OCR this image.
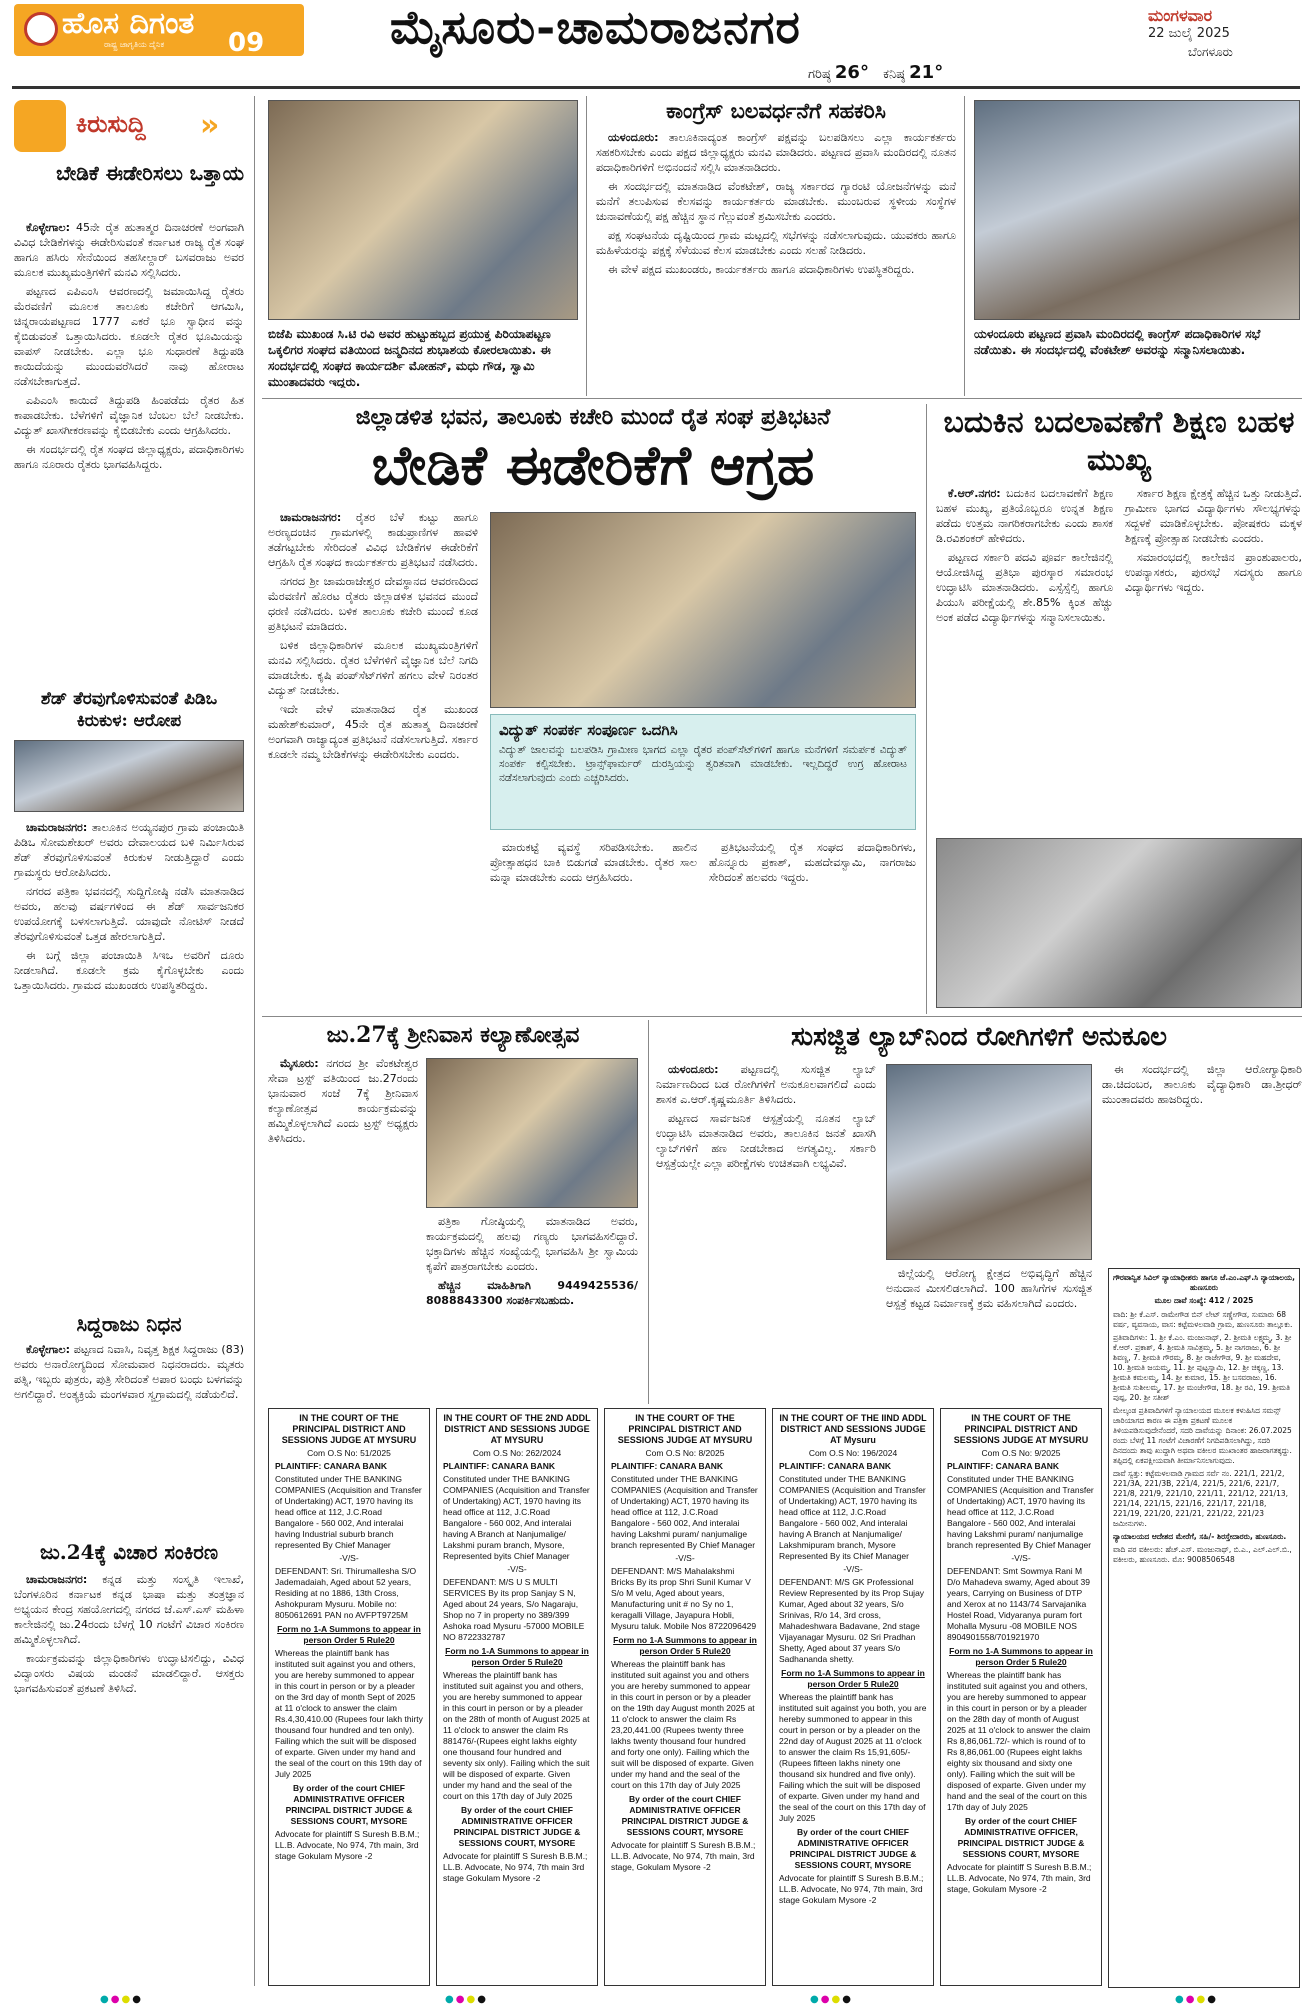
ಹೊಸ ದಿಗಂತ
ರಾಷ್ಟ್ರ ಜಾಗೃತಿಯ ದೈನಿಕ 09	ಮೈಸೂರು-ಚಾಮರಾಜನಗರ	ಮಂಗಳವಾರ
22 ಜುಲೈ 2025
ಬೆಂಗಳೂರು
ಗರಿಷ್ಠ 26° ಕನಿಷ್ಠ 21°
ಕಿರುಸುದ್ದಿ »
ಬೇಡಿಕೆ ಈಡೇರಿಸಲು ಒತ್ತಾಯ

ಕೊಳ್ಳೇಗಾಲ: 45ನೇ ರೈತ ಹುತಾತ್ಮರ ದಿನಾಚರಣೆ ಅಂಗವಾಗಿ ವಿವಿಧ ಬೇಡಿಕೆಗಳನ್ನು ಈಡೇರಿಸುವಂತೆ ಕರ್ನಾಟಕ ರಾಜ್ಯ ರೈತ ಸಂಘ ಹಾಗೂ ಹಸಿರು ಸೇನೆಯಿಂದ ತಹಸೀಲ್ದಾರ್ ಬಸವರಾಜು ಅವರ ಮೂಲಕ ಮುಖ್ಯಮಂತ್ರಿಗಳಿಗೆ ಮನವಿ ಸಲ್ಲಿಸಿದರು.

ಪಟ್ಟಣದ ಎಪಿಎಂಸಿ ಆವರಣದಲ್ಲಿ ಜಮಾಯಿಸಿದ್ದ ರೈತರು ಮೆರವಣಿಗೆ ಮೂಲಕ ತಾಲೂಕು ಕಚೇರಿಗೆ ಆಗಮಿಸಿ, ಚಿನ್ನರಾಯಪಟ್ಟಣದ 1777 ಎಕರೆ ಭೂ ಸ್ವಾಧೀನ ವನ್ನು ಕೈಬಿಡುವಂತೆ ಒತ್ತಾಯಿಸಿದರು. ಕೂಡಲೇ ರೈತರ ಭೂಮಿಯನ್ನು ವಾಪಸ್ ನೀಡಬೇಕು. ಎಲ್ಲಾ ಭೂ ಸುಧಾರಣೆ ತಿದ್ದುಪಡಿ ಕಾಯಿದೆಯನ್ನು ಮುಂದುವರೆಸಿದರೆ ನಾವು ಹೋರಾಟ ನಡೆಸಬೇಕಾಗುತ್ತದೆ.

ಎಪಿಎಂಸಿ ಕಾಯಿದೆ ತಿದ್ದುಪಡಿ ಹಿಂಪಡೆದು ರೈತರ ಹಿತ ಕಾಪಾಡಬೇಕು. ಬೆಳೆಗಳಿಗೆ ವೈಜ್ಞಾನಿಕ ಬೆಂಬಲ ಬೆಲೆ ನೀಡಬೇಕು. ವಿದ್ಯುತ್ ಖಾಸಗೀಕರಣವನ್ನು ಕೈಬಿಡಬೇಕು ಎಂದು ಆಗ್ರಹಿಸಿದರು.

ಈ ಸಂದರ್ಭದಲ್ಲಿ ರೈತ ಸಂಘದ ಜಿಲ್ಲಾಧ್ಯಕ್ಷರು, ಪದಾಧಿಕಾರಿಗಳು ಹಾಗೂ ನೂರಾರು ರೈತರು ಭಾಗವಹಿಸಿದ್ದರು.

ಶೆಡ್ ತೆರವುಗೊಳಿಸುವಂತೆ ಪಿಡಿಒ ಕಿರುಕುಳ: ಆರೋಪ

ಚಾಮರಾಜನಗರ: ತಾಲೂಕಿನ ಅಯ್ಯನಪುರ ಗ್ರಾಮ ಪಂಚಾಯಿತಿ ಪಿಡಿಒ ಸೋಮಶೇಖರ್ ಅವರು ದೇವಾಲಯದ ಬಳಿ ನಿರ್ಮಿಸಿರುವ ಶೆಡ್ ತೆರವುಗೊಳಿಸುವಂತೆ ಕಿರುಕುಳ ನೀಡುತ್ತಿದ್ದಾರೆ ಎಂದು ಗ್ರಾಮಸ್ಥರು ಆರೋಪಿಸಿದರು.

ನಗರದ ಪತ್ರಿಕಾ ಭವನದಲ್ಲಿ ಸುದ್ದಿಗೋಷ್ಠಿ ನಡೆಸಿ ಮಾತನಾಡಿದ ಅವರು, ಹಲವು ವರ್ಷಗಳಿಂದ ಈ ಶೆಡ್ ಸಾರ್ವಜನಿಕರ ಉಪಯೋಗಕ್ಕೆ ಬಳಸಲಾಗುತ್ತಿದೆ. ಯಾವುದೇ ನೋಟಿಸ್ ನೀಡದೆ ತೆರವುಗೊಳಿಸುವಂತೆ ಒತ್ತಡ ಹೇರಲಾಗುತ್ತಿದೆ.

ಈ ಬಗ್ಗೆ ಜಿಲ್ಲಾ ಪಂಚಾಯಿತಿ ಸಿಇಒ ಅವರಿಗೆ ದೂರು ನೀಡಲಾಗಿದೆ. ಕೂಡಲೇ ಕ್ರಮ ಕೈಗೊಳ್ಳಬೇಕು ಎಂದು ಒತ್ತಾಯಿಸಿದರು. ಗ್ರಾಮದ ಮುಖಂಡರು ಉಪಸ್ಥಿತರಿದ್ದರು.

ಸಿದ್ದರಾಜು ನಿಧನ

ಕೊಳ್ಳೇಗಾಲ: ಪಟ್ಟಣದ ನಿವಾಸಿ, ನಿವೃತ್ತ ಶಿಕ್ಷಕ ಸಿದ್ದರಾಜು (83) ಅವರು ಅನಾರೋಗ್ಯದಿಂದ ಸೋಮವಾರ ನಿಧನರಾದರು. ಮೃತರು ಪತ್ನಿ, ಇಬ್ಬರು ಪುತ್ರರು, ಪುತ್ರಿ ಸೇರಿದಂತೆ ಅಪಾರ ಬಂಧು ಬಳಗವನ್ನು ಅಗಲಿದ್ದಾರೆ. ಅಂತ್ಯಕ್ರಿಯೆ ಮಂಗಳವಾರ ಸ್ವಗ್ರಾಮದಲ್ಲಿ ನಡೆಯಲಿದೆ.

ಜು.24ಕ್ಕೆ ವಿಚಾರ ಸಂಕಿರಣ

ಚಾಮರಾಜನಗರ: ಕನ್ನಡ ಮತ್ತು ಸಂಸ್ಕೃತಿ ಇಲಾಖೆ, ಬೆಂಗಳೂರಿನ ಕರ್ನಾಟಕ ಕನ್ನಡ ಭಾಷಾ ಮತ್ತು ತಂತ್ರಜ್ಞಾನ ಅಭ್ಯಯನ ಕೇಂದ್ರ ಸಹಯೋಗದಲ್ಲಿ ನಗರದ ಜೆ.ಎಸ್.ಎಸ್ ಮಹಿಳಾ ಕಾಲೇಜಿನಲ್ಲಿ ಜು.24ರಂದು ಬೆಳಗ್ಗೆ 10 ಗಂಟೆಗೆ ವಿಚಾರ ಸಂಕಿರಣ ಹಮ್ಮಿಕೊಳ್ಳಲಾಗಿದೆ.

ಕಾರ್ಯಕ್ರಮವನ್ನು ಜಿಲ್ಲಾಧಿಕಾರಿಗಳು ಉದ್ಘಾಟಿಸಲಿದ್ದು, ವಿವಿಧ ವಿದ್ವಾಂಸರು ವಿಷಯ ಮಂಡನೆ ಮಾಡಲಿದ್ದಾರೆ. ಆಸಕ್ತರು ಭಾಗವಹಿಸುವಂತೆ ಪ್ರಕಟಣೆ ತಿಳಿಸಿದೆ.

ಬಿಜೆಪಿ ಮುಖಂಡ ಸಿ.ಟಿ ರವಿ ಅವರ ಹುಟ್ಟುಹಬ್ಬದ ಪ್ರಯುಕ್ತ ಪಿರಿಯಾಪಟ್ಟಣ ಒಕ್ಕಲಿಗರ ಸಂಘದ ವತಿಯಿಂದ ಜನ್ಮದಿನದ ಶುಭಾಶಯ ಕೋರಲಾಯಿತು. ಈ ಸಂದರ್ಭದಲ್ಲಿ ಸಂಘದ ಕಾರ್ಯದರ್ಶಿ ಮೋಹನ್, ಮಧು ಗೌಡ, ಸ್ವಾಮಿ ಮುಂತಾದವರು ಇದ್ದರು.
ಕಾಂಗ್ರೆಸ್ ಬಲವರ್ಧನೆಗೆ ಸಹಕರಿಸಿ

ಯಳಂದೂರು: ತಾಲೂಕಿನಾದ್ಯಂತ ಕಾಂಗ್ರೆಸ್ ಪಕ್ಷವನ್ನು ಬಲಪಡಿಸಲು ಎಲ್ಲಾ ಕಾರ್ಯಕರ್ತರು ಸಹಕರಿಸಬೇಕು ಎಂದು ಪಕ್ಷದ ಜಿಲ್ಲಾಧ್ಯಕ್ಷರು ಮನವಿ ಮಾಡಿದರು. ಪಟ್ಟಣದ ಪ್ರವಾಸಿ ಮಂದಿರದಲ್ಲಿ ನೂತನ ಪದಾಧಿಕಾರಿಗಳಿಗೆ ಅಭಿನಂದನೆ ಸಲ್ಲಿಸಿ ಮಾತನಾಡಿದರು.

ಈ ಸಂದರ್ಭದಲ್ಲಿ ಮಾತನಾಡಿದ ವೆಂಕಟೇಶ್, ರಾಜ್ಯ ಸರ್ಕಾರದ ಗ್ಯಾರಂಟಿ ಯೋಜನೆಗಳನ್ನು ಮನೆ ಮನೆಗೆ ತಲುಪಿಸುವ ಕೆಲಸವನ್ನು ಕಾರ್ಯಕರ್ತರು ಮಾಡಬೇಕು. ಮುಂಬರುವ ಸ್ಥಳೀಯ ಸಂಸ್ಥೆಗಳ ಚುನಾವಣೆಯಲ್ಲಿ ಪಕ್ಷ ಹೆಚ್ಚಿನ ಸ್ಥಾನ ಗೆಲ್ಲುವಂತೆ ಶ್ರಮಿಸಬೇಕು ಎಂದರು.

ಪಕ್ಷ ಸಂಘಟನೆಯ ದೃಷ್ಟಿಯಿಂದ ಗ್ರಾಮ ಮಟ್ಟದಲ್ಲಿ ಸಭೆಗಳನ್ನು ನಡೆಸಲಾಗುವುದು. ಯುವಕರು ಹಾಗೂ ಮಹಿಳೆಯರನ್ನು ಪಕ್ಷಕ್ಕೆ ಸೆಳೆಯುವ ಕೆಲಸ ಮಾಡಬೇಕು ಎಂದು ಸಲಹೆ ನೀಡಿದರು.

ಈ ವೇಳೆ ಪಕ್ಷದ ಮುಖಂಡರು, ಕಾರ್ಯಕರ್ತರು ಹಾಗೂ ಪದಾಧಿಕಾರಿಗಳು ಉಪಸ್ಥಿತರಿದ್ದರು.

ಯಳಂದೂರು ಪಟ್ಟಣದ ಪ್ರವಾಸಿ ಮಂದಿರದಲ್ಲಿ ಕಾಂಗ್ರೆಸ್ ಪದಾಧಿಕಾರಿಗಳ ಸಭೆ ನಡೆಯಿತು. ಈ ಸಂದರ್ಭದಲ್ಲಿ ವೆಂಕಟೇಶ್ ಅವರನ್ನು ಸನ್ಮಾನಿಸಲಾಯಿತು.
ಜಿಲ್ಲಾಡಳಿತ ಭವನ, ತಾಲೂಕು ಕಚೇರಿ ಮುಂದೆ ರೈತ ಸಂಘ ಪ್ರತಿಭಟನೆ
ಬೇಡಿಕೆ ಈಡೇರಿಕೆಗೆ ಆಗ್ರಹ

ಚಾಮರಾಜನಗರ: ರೈತರ ಬೆಳೆ ಕುಟ್ಟು ಹಾಗೂ ಅರಣ್ಯದಂಚಿನ ಗ್ರಾಮಗಳಲ್ಲಿ ಕಾಡುಪ್ರಾಣಿಗಳ ಹಾವಳಿ ತಡೆಗಟ್ಟಬೇಕು ಸೇರಿದಂತೆ ವಿವಿಧ ಬೇಡಿಕೆಗಳ ಈಡೇರಿಕೆಗೆ ಆಗ್ರಹಿಸಿ ರೈತ ಸಂಘದ ಕಾರ್ಯಕರ್ತರು ಪ್ರತಿಭಟನೆ ನಡೆಸಿದರು.

ನಗರದ ಶ್ರೀ ಚಾಮರಾಜೇಶ್ವರ ದೇವಸ್ಥಾನದ ಆವರಣದಿಂದ ಮೆರವಣಿಗೆ ಹೊರಟ ರೈತರು ಜಿಲ್ಲಾಡಳಿತ ಭವನದ ಮುಂದೆ ಧರಣಿ ನಡೆಸಿದರು. ಬಳಿಕ ತಾಲೂಕು ಕಚೇರಿ ಮುಂದೆ ಕೂಡ ಪ್ರತಿಭಟನೆ ಮಾಡಿದರು.

ಬಳಿಕ ಜಿಲ್ಲಾಧಿಕಾರಿಗಳ ಮೂಲಕ ಮುಖ್ಯಮಂತ್ರಿಗಳಿಗೆ ಮನವಿ ಸಲ್ಲಿಸಿದರು. ರೈತರ ಬೆಳೆಗಳಿಗೆ ವೈಜ್ಞಾನಿಕ ಬೆಲೆ ನಿಗದಿ ಮಾಡಬೇಕು. ಕೃಷಿ ಪಂಪ್‌ಸೆಟ್‌ಗಳಿಗೆ ಹಗಲು ವೇಳೆ ನಿರಂತರ ವಿದ್ಯುತ್ ನೀಡಬೇಕು.

ಇದೇ ವೇಳೆ ಮಾತನಾಡಿದ ರೈತ ಮುಖಂಡ ಮಹೇಶ್‌ಕುಮಾರ್, 45ನೇ ರೈತ ಹುತಾತ್ಮ ದಿನಾಚರಣೆ ಅಂಗವಾಗಿ ರಾಜ್ಯಾದ್ಯಂತ ಪ್ರತಿಭಟನೆ ನಡೆಸಲಾಗುತ್ತಿದೆ. ಸರ್ಕಾರ ಕೂಡಲೇ ನಮ್ಮ ಬೇಡಿಕೆಗಳನ್ನು ಈಡೇರಿಸಬೇಕು ಎಂದರು.

ವಿದ್ಯುತ್ ಸಂಪರ್ಕ ಸಂಪೂರ್ಣ ಒದಗಿಸಿ
ವಿದ್ಯುತ್ ಜಾಲವನ್ನು ಬಲಪಡಿಸಿ ಗ್ರಾಮೀಣ ಭಾಗದ ಎಲ್ಲಾ ರೈತರ ಪಂಪ್‌ಸೆಟ್‌ಗಳಿಗೆ ಹಾಗೂ ಮನೆಗಳಿಗೆ ಸಮರ್ಪಕ ವಿದ್ಯುತ್ ಸಂಪರ್ಕ ಕಲ್ಪಿಸಬೇಕು. ಟ್ರಾನ್ಸ್‌ಫಾರ್ಮರ್ ದುರಸ್ತಿಯನ್ನು ತ್ವರಿತವಾಗಿ ಮಾಡಬೇಕು. ಇಲ್ಲದಿದ್ದರೆ ಉಗ್ರ ಹೋರಾಟ ನಡೆಸಲಾಗುವುದು ಎಂದು ಎಚ್ಚರಿಸಿದರು.

ಮಾರುಕಟ್ಟೆ ವ್ಯವಸ್ಥೆ ಸರಿಪಡಿಸಬೇಕು. ಹಾಲಿನ ಪ್ರೋತ್ಸಾಹಧನ ಬಾಕಿ ಬಿಡುಗಡೆ ಮಾಡಬೇಕು. ರೈತರ ಸಾಲ ಮನ್ನಾ ಮಾಡಬೇಕು ಎಂದು ಆಗ್ರಹಿಸಿದರು.

ಪ್ರತಿಭಟನೆಯಲ್ಲಿ ರೈತ ಸಂಘದ ಪದಾಧಿಕಾರಿಗಳು, ಹೊನ್ನೂರು ಪ್ರಕಾಶ್, ಮಹದೇವಸ್ವಾಮಿ, ನಾಗರಾಜು ಸೇರಿದಂತೆ ಹಲವರು ಇದ್ದರು.

ಬದುಕಿನ ಬದಲಾವಣೆಗೆ ಶಿಕ್ಷಣ ಬಹಳ ಮುಖ್ಯ

ಕೆ.ಆರ್.ನಗರ: ಬದುಕಿನ ಬದಲಾವಣೆಗೆ ಶಿಕ್ಷಣ ಬಹಳ ಮುಖ್ಯ, ಪ್ರತಿಯೊಬ್ಬರೂ ಉನ್ನತ ಶಿಕ್ಷಣ ಪಡೆದು ಉತ್ತಮ ನಾಗರಿಕರಾಗಬೇಕು ಎಂದು ಶಾಸಕ ಡಿ.ರವಿಶಂಕರ್ ಹೇಳಿದರು.

ಪಟ್ಟಣದ ಸರ್ಕಾರಿ ಪದವಿ ಪೂರ್ವ ಕಾಲೇಜಿನಲ್ಲಿ ಆಯೋಜಿಸಿದ್ದ ಪ್ರತಿಭಾ ಪುರಸ್ಕಾರ ಸಮಾರಂಭ ಉದ್ಘಾಟಿಸಿ ಮಾತನಾಡಿದರು. ಎಸ್ಸೆಸ್ಸೆಲ್ಸಿ ಹಾಗೂ ಪಿಯುಸಿ ಪರೀಕ್ಷೆಯಲ್ಲಿ ಶೇ.85% ಕ್ಕಿಂತ ಹೆಚ್ಚು ಅಂಕ ಪಡೆದ ವಿದ್ಯಾರ್ಥಿಗಳನ್ನು ಸನ್ಮಾನಿಸಲಾಯಿತು.

ಸರ್ಕಾರ ಶಿಕ್ಷಣ ಕ್ಷೇತ್ರಕ್ಕೆ ಹೆಚ್ಚಿನ ಒತ್ತು ನೀಡುತ್ತಿದೆ. ಗ್ರಾಮೀಣ ಭಾಗದ ವಿದ್ಯಾರ್ಥಿಗಳು ಸೌಲಭ್ಯಗಳನ್ನು ಸದ್ಬಳಕೆ ಮಾಡಿಕೊಳ್ಳಬೇಕು. ಪೋಷಕರು ಮಕ್ಕಳ ಶಿಕ್ಷಣಕ್ಕೆ ಪ್ರೋತ್ಸಾಹ ನೀಡಬೇಕು ಎಂದರು.

ಸಮಾರಂಭದಲ್ಲಿ ಕಾಲೇಜಿನ ಪ್ರಾಂಶುಪಾಲರು, ಉಪನ್ಯಾಸಕರು, ಪುರಸಭೆ ಸದಸ್ಯರು ಹಾಗೂ ವಿದ್ಯಾರ್ಥಿಗಳು ಇದ್ದರು.

ಜು.27ಕ್ಕೆ ಶ್ರೀನಿವಾಸ ಕಲ್ಯಾಣೋತ್ಸವ

ಮೈಸೂರು: ನಗರದ ಶ್ರೀ ವೆಂಕಟೇಶ್ವರ ಸೇವಾ ಟ್ರಸ್ಟ್ ವತಿಯಿಂದ ಜು.27ರಂದು ಭಾನುವಾರ ಸಂಜೆ 7ಕ್ಕೆ ಶ್ರೀನಿವಾಸ ಕಲ್ಯಾಣೋತ್ಸವ ಕಾರ್ಯಕ್ರಮವನ್ನು ಹಮ್ಮಿಕೊಳ್ಳಲಾಗಿದೆ ಎಂದು ಟ್ರಸ್ಟ್ ಅಧ್ಯಕ್ಷರು ತಿಳಿಸಿದರು.

ಪತ್ರಿಕಾ ಗೋಷ್ಠಿಯಲ್ಲಿ ಮಾತನಾಡಿದ ಅವರು, ಕಾರ್ಯಕ್ರಮದಲ್ಲಿ ಹಲವು ಗಣ್ಯರು ಭಾಗವಹಿಸಲಿದ್ದಾರೆ. ಭಕ್ತಾದಿಗಳು ಹೆಚ್ಚಿನ ಸಂಖ್ಯೆಯಲ್ಲಿ ಭಾಗವಹಿಸಿ ಶ್ರೀ ಸ್ವಾಮಿಯ ಕೃಪೆಗೆ ಪಾತ್ರರಾಗಬೇಕು ಎಂದರು.

ಹೆಚ್ಚಿನ ಮಾಹಿತಿಗಾಗಿ 9449425536/ 8088843300 ಸಂಪರ್ಕಿಸಬಹುದು.

ಸುಸಜ್ಜಿತ ಲ್ಯಾಬ್‌ನಿಂದ ರೋಗಿಗಳಿಗೆ ಅನುಕೂಲ

ಯಳಂದೂರು: ಪಟ್ಟಣದಲ್ಲಿ ಸುಸಜ್ಜಿತ ಲ್ಯಾಬ್ ನಿರ್ಮಾಣದಿಂದ ಬಡ ರೋಗಿಗಳಿಗೆ ಅನುಕೂಲವಾಗಲಿದೆ ಎಂದು ಶಾಸಕ ಎ.ಆರ್.ಕೃಷ್ಣಮೂರ್ತಿ ತಿಳಿಸಿದರು.

ಪಟ್ಟಣದ ಸಾರ್ವಜನಿಕ ಆಸ್ಪತ್ರೆಯಲ್ಲಿ ನೂತನ ಲ್ಯಾಬ್ ಉದ್ಘಾಟಿಸಿ ಮಾತನಾಡಿದ ಅವರು, ತಾಲೂಕಿನ ಜನತೆ ಖಾಸಗಿ ಲ್ಯಾಬ್‌ಗಳಿಗೆ ಹಣ ನೀಡಬೇಕಾದ ಅಗತ್ಯವಿಲ್ಲ. ಸರ್ಕಾರಿ ಆಸ್ಪತ್ರೆಯಲ್ಲೇ ಎಲ್ಲಾ ಪರೀಕ್ಷೆಗಳು ಉಚಿತವಾಗಿ ಲಭ್ಯವಿವೆ.

ಜಿಲ್ಲೆಯಲ್ಲಿ ಆರೋಗ್ಯ ಕ್ಷೇತ್ರದ ಅಭಿವೃದ್ಧಿಗೆ ಹೆಚ್ಚಿನ ಅನುದಾನ ಮೀಸಲಿಡಲಾಗಿದೆ. 100 ಹಾಸಿಗೆಗಳ ಸುಸಜ್ಜಿತ ಆಸ್ಪತ್ರೆ ಕಟ್ಟಡ ನಿರ್ಮಾಣಕ್ಕೆ ಕ್ರಮ ವಹಿಸಲಾಗಿದೆ ಎಂದರು.

ಈ ಸಂದರ್ಭದಲ್ಲಿ ಜಿಲ್ಲಾ ಆರೋಗ್ಯಾಧಿಕಾರಿ ಡಾ.ಚಿದಂಬರ, ತಾಲೂಕು ವೈದ್ಯಾಧಿಕಾರಿ ಡಾ.ಶ್ರೀಧರ್ ಮುಂತಾದವರು ಹಾಜರಿದ್ದರು.

IN THE COURT OF THE PRINCIPAL DISTRICT AND SESSIONS JUDGE AT MYSURU
Com O.S No: 51/2025
PLAINTIFF: CANARA BANK
Constituted under THE BANKING COMPANIES (Acquisition and Transfer of Undertaking) ACT, 1970 having its head office at 112, J.C.Road Bangalore - 560 002, And interalai having Industrial suburb branch represented By Chief Manager
-V/S-
DEFENDANT: Sri. Thirumallesha S/O Jademadaiah, Aged about 52 years, Residing at no 1886, 13th Cross, Ashokpuram Mysuru. Mobile no: 8050612691 PAN no AVFPT9725M
Form no 1-A Summons to appear in person Order 5 Rule20
Whereas the plaintiff bank has instituted suit against you and others, you are hereby summoned to appear in this court in person or by a pleader on the 3rd day of month Sept of 2025 at 11 o'clock to answer the claim Rs.4,30,410.00 (Rupees four lakh thirty thousand four hundred and ten only). Failing which the suit will be disposed of exparte. Given under my hand and the seal of the court on this 19th day of July 2025
By order of the court CHIEF ADMINISTRATIVE OFFICER PRINCIPAL DISTRICT JUDGE & SESSIONS COURT, MYSORE
Advocate for plaintiff S Suresh B.B.M.; LL.B. Advocate, No 974, 7th main, 3rd stage Gokulam Mysore -2
IN THE COURT OF THE 2ND ADDL DISTRICT AND SESSIONS JUDGE AT MYSURU
Com O.S No: 262/2024
PLAINTIFF: CANARA BANK
Constituted under THE BANKING COMPANIES (Acquisition and Transfer of Undertaking) ACT, 1970 having its head office at 112, J.C.Road Bangalore - 560 002, And interalai having A Branch at Nanjumalige/ Lakshmi puram branch, Mysore, Represented byits Chief Manager
-V/S-
DEFENDANT: M/S U S MULTI SERVICES By its prop Sanjay S N, Aged about 24 years, S/o Nagaraju, Shop no 7 in property no 389/399 Ashoka road Mysuru -57000 MOBILE NO 8722332787
Form no 1-A Summons to appear in person Order 5 Rule20
Whereas the plaintiff bank has instituted suit against you and others, you are hereby summoned to appear in this court in person or by a pleader on the 28th of month of August 2025 at 11 o'clock to answer the claim Rs 881476/-(Rupees eight lakhs eighty one thousand four hundred and seventy six only). Failing which the suit will be disposed of exparte. Given under my hand and the seal of the court on this 17th day of July 2025
By order of the court CHIEF ADMINISTRATIVE OFFICER PRINCIPAL DISTRICT JUDGE & SESSIONS COURT, MYSORE
Advocate for plaintiff S Suresh B.B.M.; LL.B. Advocate, No 974, 7th main 3rd stage Gokulam Mysore -2
IN THE COURT OF THE PRINCIPAL DISTRICT AND SESSIONS JUDGE AT MYSURU
Com O.S No: 8/2025
PLAINTIFF: CANARA BANK
Constituted under THE BANKING COMPANIES (Acquisition and Transfer of Undertaking) ACT, 1970 having its head office at 112, J.C.Road Bangalore - 560 002, And interalai having Lakshmi puram/ nanjumalige branch represented By Chief Manager
-V/S-
DEFENDANT: M/S Mahalakshmi Bricks By its prop Shri Sunil Kumar V S/o M velu, Aged about years, Manufacturing unit # no Sy no 1, keragalli Village, Jayapura Hobli, Mysuru taluk. Mobile Nos 8722096429
Form no 1-A Summons to appear in person Order 5 Rule20
Whereas the plaintiff bank has instituted suit against you and others you are hereby summoned to appear in this court in person or by a pleader on the 19th day August month 2025 at 11 o'clock to answer the claim Rs 23,20,441.00 (Rupees twenty three lakhs twenty thousand four hundred and forty one only). Failing which the suit will be disposed of exparte. Given under my hand and the seal of the court on this 17th day of July 2025
By order of the court CHIEF ADMINISTRATIVE OFFICER PRINCIPAL DISTRICT JUDGE & SESSIONS COURT, MYSORE
Advocate for plaintiff S Suresh B.B.M.; LL.B. Advocate, No 974, 7th main, 3rd stage, Gokulam Mysore -2
IN THE COURT OF THE IIND ADDL DISTRICT AND SESSIONS JUDGE AT Mysuru
Com O.S No: 196/2024
PLAINTIFF: CANARA BANK
Constituted under THE BANKING COMPANIES (Acquisition and Transfer of Undertaking) ACT, 1970 having its head office at 112, J.C.Road Bangalore - 560 002, And interalai having A Branch at Nanjumalige/ Lakshmipuram branch, Mysore Represented By its Chief Manager
-V/S-
DEFENDANT: M/S GK Professional Review Represented by its Prop Sujay Kumar, Aged about 32 years, S/o Srinivas, R/o 14, 3rd cross, Mahadeshwara Badavane, 2nd stage Vijayanagar Mysuru. 02 Sri Pradhan Shetty, Aged about 37 years S/o Sadhananda shetty.
Form no 1-A Summons to appear in person Order 5 Rule20
Whereas the plaintiff bank has instituted suit against you both, you are hereby summoned to appear in this court in person or by a pleader on the 22nd day of August 2025 at 11 o'clock to answer the claim Rs 15,91,605/- (Rupees fifteen lakhs ninety one thousand six hundred and five only). Failing which the suit will be disposed of exparte. Given under my hand and the seal of the court on this 17th day of July 2025
By order of the court CHIEF ADMINISTRATIVE OFFICER PRINCIPAL DISTRICT JUDGE & SESSIONS COURT, MYSORE
Advocate for plaintiff S Suresh B.B.M.; LL.B. Advocate, No 974, 7th main, 3rd stage Gokulam Mysore -2
IN THE COURT OF THE PRINCIPAL DISTRICT AND SESSIONS JUDGE AT MYSURU
Com O.S No: 9/2025
PLAINTIFF: CANARA BANK
Constituted under THE BANKING COMPANIES (Acquisition and Transfer of Undertaking) ACT, 1970 having its head office at 112, J.C.Road Bangalore - 560 002, And interalai having Lakshmi puram/ nanjumalige branch represented By Chief Manager
-V/S-
DEFENDANT: Smt Sowmya Rani M D/o Mahadeva swamy, Aged about 39 years, Carrying on Business of DTP and Xerox at no 1143/74 Sarvajanika Hostel Road, Vidyaranya puram fort Mohalla Mysuru -08 MOBILE NOS 8904901558/701921970
Form no 1-A Summons to appear in person Order 5 Rule20
Whereas the plaintiff bank has instituted suit against you and others, you are hereby summoned to appear in this court in person or by a pleader on the 28th day of month of August 2025 at 11 o'clock to answer the claim Rs 8,86,061.72/- which is round of to Rs 8,86,061.00 (Rupees eight lakhs eighty six thousand and sixty one only). Failing which the suit will be disposed of exparte. Given under my hand and the seal of the court on this 17th day of July 2025
By order of the court CHIEF ADMINISTRATIVE OFFICER, PRINCIPAL DISTRICT JUDGE & SESSIONS COURT, MYSORE
Advocate for plaintiff S Suresh B.B.M.; LL.B. Advocate, No 974, 7th main, 3rd stage, Gokulam Mysore -2
ಗೌರವಾನ್ವಿತ ಸಿವಿಲ್ ನ್ಯಾಯಾಧೀಶರು ಹಾಗೂ ಜೆ.ಎಂ.ಎಫ್.ಸಿ ನ್ಯಾಯಾಲಯ, ಹುಣಸೂರು
ಮೂಲ ದಾವೆ ಸಂಖ್ಯೆ: 412 / 2025

ವಾದಿ: ಶ್ರೀ ಕೆ.ಎಸ್. ರಾಮೇಗೌಡ ಬಿನ್ ಲೇಟ್ ಸಣ್ಣೇಗೌಡ, ಸುಮಾರು 68 ವರ್ಷ, ವ್ಯವಸಾಯ, ವಾಸ: ಕಟ್ಟೆಮಳಲವಾಡಿ ಗ್ರಾಮ, ಹುಣಸೂರು ತಾಲ್ಲೂಕು.

ಪ್ರತಿವಾದಿಗಳು: 1. ಶ್ರೀ ಕೆ.ಎಂ. ಮಂಜುನಾಥ್, 2. ಶ್ರೀಮತಿ ಲಕ್ಷ್ಮಮ್ಮ, 3. ಶ್ರೀ ಕೆ.ಆರ್. ಪ್ರಕಾಶ್, 4. ಶ್ರೀಮತಿ ಸಾವಿತ್ರಮ್ಮ, 5. ಶ್ರೀ ನಾಗರಾಜು, 6. ಶ್ರೀ ಶಿವಣ್ಣ, 7. ಶ್ರೀಮತಿ ಗೌರಮ್ಮ, 8. ಶ್ರೀ ರಾಜೇಗೌಡ, 9. ಶ್ರೀ ಮಹದೇವ, 10. ಶ್ರೀಮತಿ ಜಯಮ್ಮ, 11. ಶ್ರೀ ಪುಟ್ಟಸ್ವಾಮಿ, 12. ಶ್ರೀ ಚಿಕ್ಕಣ್ಣ, 13. ಶ್ರೀಮತಿ ಕಮಲಮ್ಮ, 14. ಶ್ರೀ ಕುಮಾರ, 15. ಶ್ರೀ ಬಸವರಾಜು, 16. ಶ್ರೀಮತಿ ಸುಶೀಲಮ್ಮ, 17. ಶ್ರೀ ಮಂಜೇಗೌಡ, 18. ಶ್ರೀ ರವಿ, 19. ಶ್ರೀಮತಿ ಪುಷ್ಪ, 20. ಶ್ರೀ ಸತೀಶ್

ಮೇಲ್ಕಂಡ ಪ್ರತಿವಾದಿಗಳಿಗೆ ನ್ಯಾಯಾಲಯದ ಮೂಲಕ ಕಳುಹಿಸಿದ ಸಮನ್ಸ್ ಜಾರಿಯಾಗದ ಕಾರಣ ಈ ಪತ್ರಿಕಾ ಪ್ರಕಟಣೆ ಮೂಲಕ ತಿಳಿಯಪಡಿಸುವುದೇನೆಂದರೆ, ಸದರಿ ದಾವೆಯನ್ನು ದಿನಾಂಕ: 26.07.2025 ರಂದು ಬೆಳಗ್ಗೆ 11 ಗಂಟೆಗೆ ವಿಚಾರಣೆಗೆ ನಿಗದಿಪಡಿಸಲಾಗಿದ್ದು, ಸದರಿ ದಿನದಂದು ತಾವು ಖುದ್ದಾಗಿ ಅಥವಾ ವಕೀಲರ ಮುಖಾಂತರ ಹಾಜರಾಗತಕ್ಕದ್ದು. ತಪ್ಪಿದಲ್ಲಿ ಏಕಪಕ್ಷೀಯವಾಗಿ ತೀರ್ಮಾನಿಸಲಾಗುವುದು.

ದಾವೆ ಸ್ವತ್ತು: ಕಟ್ಟೆಮಳಲವಾಡಿ ಗ್ರಾಮದ ಸರ್ವೆ ನಂ. 221/1, 221/2, 221/3A, 221/3B, 221/4, 221/5, 221/6, 221/7, 221/8, 221/9, 221/10, 221/11, 221/12, 221/13, 221/14, 221/15, 221/16, 221/17, 221/18, 221/19, 221/20, 221/21, 221/22, 221/23 ಜಮೀನುಗಳು.

ನ್ಯಾಯಾಲಯದ ಆದೇಶದ ಮೇರೆಗೆ, ಸಹಿ/- ಶಿರಸ್ತೇದಾರರು, ಹುಣಸೂರು.

ವಾದಿ ಪರ ವಕೀಲರು: ಹೆಚ್.ಎಸ್. ಮಂಜುನಾಥ್, ಬಿ.ಎ., ಎಲ್.ಎಲ್.ಬಿ., ವಕೀಲರು, ಹುಣಸೂರು. ಮೊ: 9008506548

●●●●	●●●●	●●●●	●●●●
